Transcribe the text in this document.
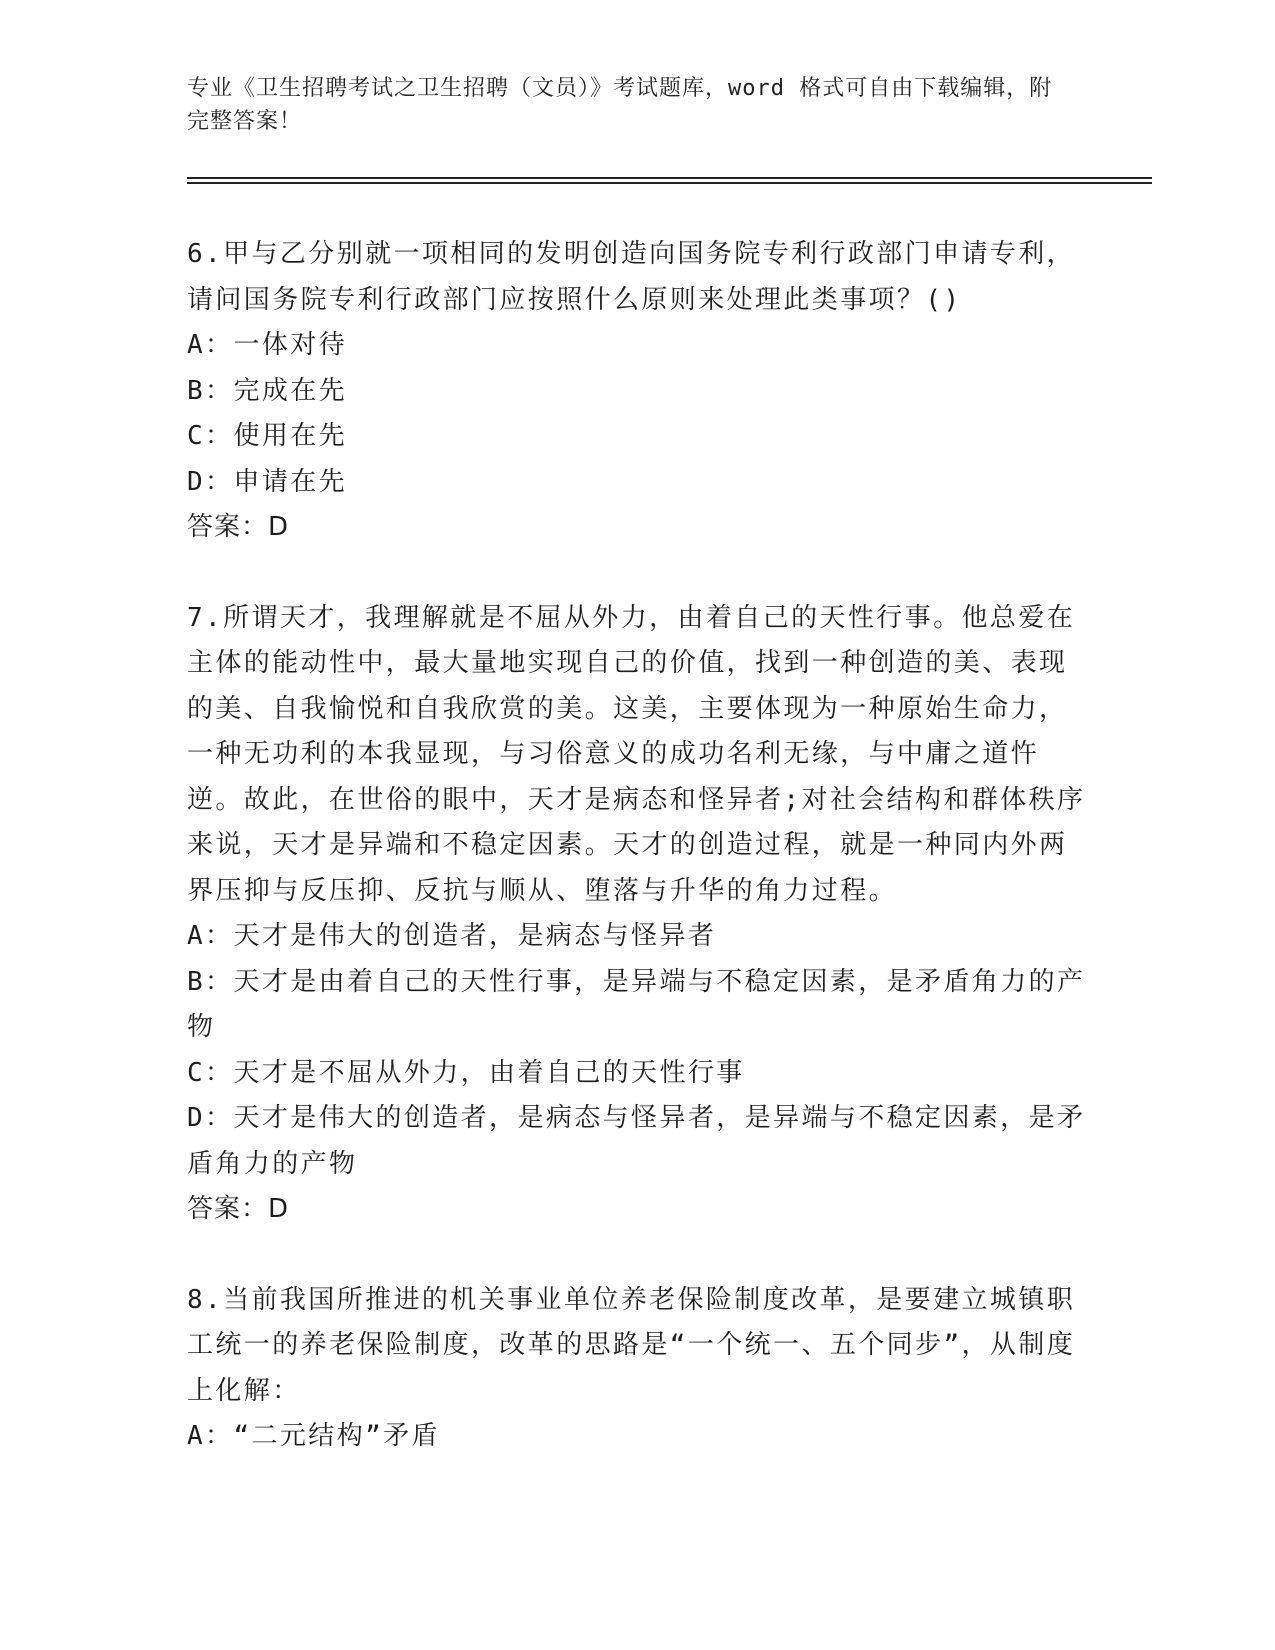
专业《卫生招聘考试之卫生招聘（文员）》考试题库，word 格式可自由下载编辑，附完整答案！
6.甲与乙分别就一项相同的发明创造向国务院专利行政部门申请专利，请问国务院专利行政部门应按照什么原则来处理此类事项？()
A：一体对待
B：完成在先
C：使用在先
D：申请在先
答案：D
7.所谓天才，我理解就是不屈从外力，由着自己的天性行事。他总爱在主体的能动性中，最大量地实现自己的价值，找到一种创造的美、表现的美、自我愉悦和自我欣赏的美。这美，主要体现为一种原始生命力，一种无功利的本我显现，与习俗意义的成功名利无缘，与中庸之道忤逆。故此，在世俗的眼中，天才是病态和怪异者;对社会结构和群体秩序来说，天才是异端和不稳定因素。天才的创造过程，就是一种同内外两界压抑与反压抑、反抗与顺从、堕落与升华的角力过程。
A：天才是伟大的创造者，是病态与怪异者
B：天才是由着自己的天性行事，是异端与不稳定因素，是矛盾角力的产物
C：天才是不屈从外力，由着自己的天性行事
D：天才是伟大的创造者，是病态与怪异者，是异端与不稳定因素，是矛盾角力的产物
答案：D
8.当前我国所推进的机关事业单位养老保险制度改革，是要建立城镇职工统一的养老保险制度，改革的思路是“一个统一、五个同步”，从制度上化解：
A：“二元结构”矛盾
